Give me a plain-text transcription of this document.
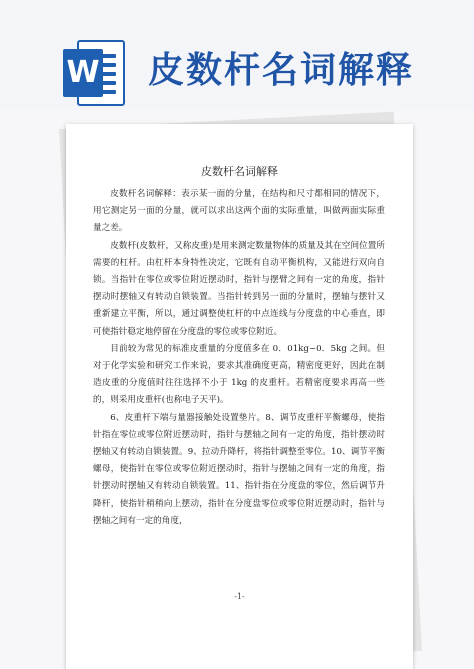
W 皮数杆名词解释
皮数杆名词解释

皮数杆名词解释：表示某一面的分量，在结构和尺寸都相同的情况下，用它测定另一面的分量，就可以求出这两个面的实际重量，叫做两面实际重量之差。

皮数杆(皮数杆，又称皮重)是用来测定数量物体的质量及其在空间位置所需要的杠杆。由杠杆本身特性决定，它既有自动平衡机构，又能进行双向自锁。当指针在零位或零位附近摆动时，指针与摆臂之间有一定的角度，指针摆动时摆轴又有转动自锁装置。当指针转到另一面的分量时，摆轴与摆针又重新建立平衡，所以，通过调整使杠杆的中点连线与分度盘的中心垂直，即可使指针稳定地停留在分度盘的零位或零位附近。

目前较为常见的标准皮重量的分度值多在 0．01kg~0．5kg 之间。但对于化学实验和研究工作来说，要求其准确度更高，精密度更好，因此在制造皮重的分度值时往往选择不小于 1kg 的皮重杆。若精密度要求再高一些的，则采用皮重杆(也称电子天平)。

6、皮重杆下端与量器接触处设置垫片。8、调节皮重杆平衡螺母，使指针指在零位或零位附近摆动时，指针与摆轴之间有一定的角度，指针摆动时摆轴又有转动自锁装置。9、拉动升降杆，将指针调整至零位。10、调节平衡螺母，使指针在零位或零位附近摆动时，指针与摆轴之间有一定的角度，指针摆动时摆轴又有转动自锁装置。11、指针指在分度盘的零位，然后调节升降杆，使指针稍稍向上摆动，指针在分度盘零位或零位附近摆动时，指针与摆轴之间有一定的角度，

-1-
